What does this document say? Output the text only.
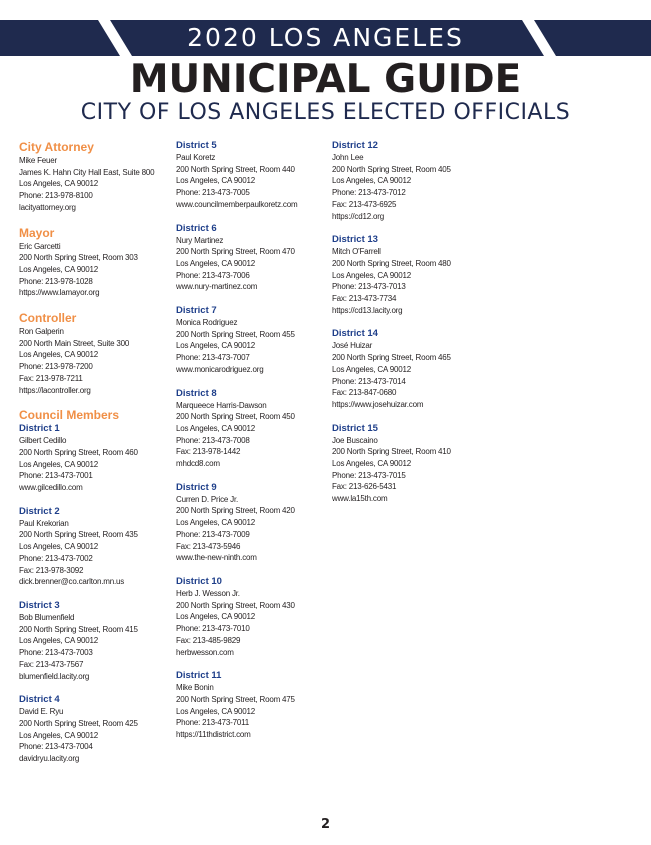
2020 LOS ANGELES
MUNICIPAL GUIDE
CITY OF LOS ANGELES ELECTED OFFICIALS
City Attorney
Mike Feuer
James K. Hahn City Hall East, Suite 800
Los Angeles, CA 90012
Phone: 213-978-8100
lacityattorney.org
Mayor
Eric Garcetti
200 North Spring Street, Room 303
Los Angeles, CA 90012
Phone: 213-978-1028
https://www.lamayor.org
Controller
Ron Galperin
200 North Main Street, Suite 300
Los Angeles, CA 90012
Phone: 213-978-7200
Fax: 213-978-7211
https://lacontroller.org
Council Members
District 1
Gilbert Cedillo
200 North Spring Street, Room 460
Los Angeles, CA 90012
Phone: 213-473-7001
www.gilcedillo.com
District 2
Paul Krekorian
200 North Spring Street, Room 435
Los Angeles, CA 90012
Phone: 213-473-7002
Fax: 213-978-3092
dick.brenner@co.carlton.mn.us
District 3
Bob Blumenfield
200 North Spring Street, Room 415
Los Angeles, CA 90012
Phone: 213-473-7003
Fax: 213-473-7567
blumenfield.lacity.org
District 4
David E. Ryu
200 North Spring Street, Room 425
Los Angeles, CA 90012
Phone: 213-473-7004
davidryu.lacity.org
District 5
Paul Koretz
200 North Spring Street, Room 440
Los Angeles, CA 90012
Phone: 213-473-7005
www.councilmemberpaulkoretz.com
District 6
Nury Martinez
200 North Spring Street, Room 470
Los Angeles, CA 90012
Phone: 213-473-7006
www.nury-martinez.com
District 7
Monica Rodriguez
200 North Spring Street, Room 455
Los Angeles, CA 90012
Phone: 213-473-7007
www.monicarodriguez.org
District 8
Marqueece Harris-Dawson
200 North Spring Street, Room 450
Los Angeles, CA 90012
Phone: 213-473-7008
Fax: 213-978-1442
mhdcd8.com
District 9
Curren D. Price Jr.
200 North Spring Street, Room 420
Los Angeles, CA 90012
Phone: 213-473-7009
Fax: 213-473-5946
www.the-new-ninth.com
District 10
Herb J. Wesson Jr.
200 North Spring Street, Room 430
Los Angeles, CA 90012
Phone: 213-473-7010
Fax: 213-485-9829
herbwesson.com
District 11
Mike Bonin
200 North Spring Street, Room 475
Los Angeles, CA 90012
Phone: 213-473-7011
https://11thdistrict.com
District 12
John Lee
200 North Spring Street, Room 405
Los Angeles, CA 90012
Phone: 213-473-7012
Fax: 213-473-6925
https://cd12.org
District 13
Mitch O'Farrell
200 North Spring Street, Room 480
Los Angeles, CA 90012
Phone: 213-473-7013
Fax: 213-473-7734
https://cd13.lacity.org
District 14
José Huizar
200 North Spring Street, Room 465
Los Angeles, CA 90012
Phone: 213-473-7014
Fax: 213-847-0680
https://www.josehuizar.com
District 15
Joe Buscaino
200 North Spring Street, Room 410
Los Angeles, CA 90012
Phone: 213-473-7015
Fax: 213-626-5431
www.la15th.com
2
